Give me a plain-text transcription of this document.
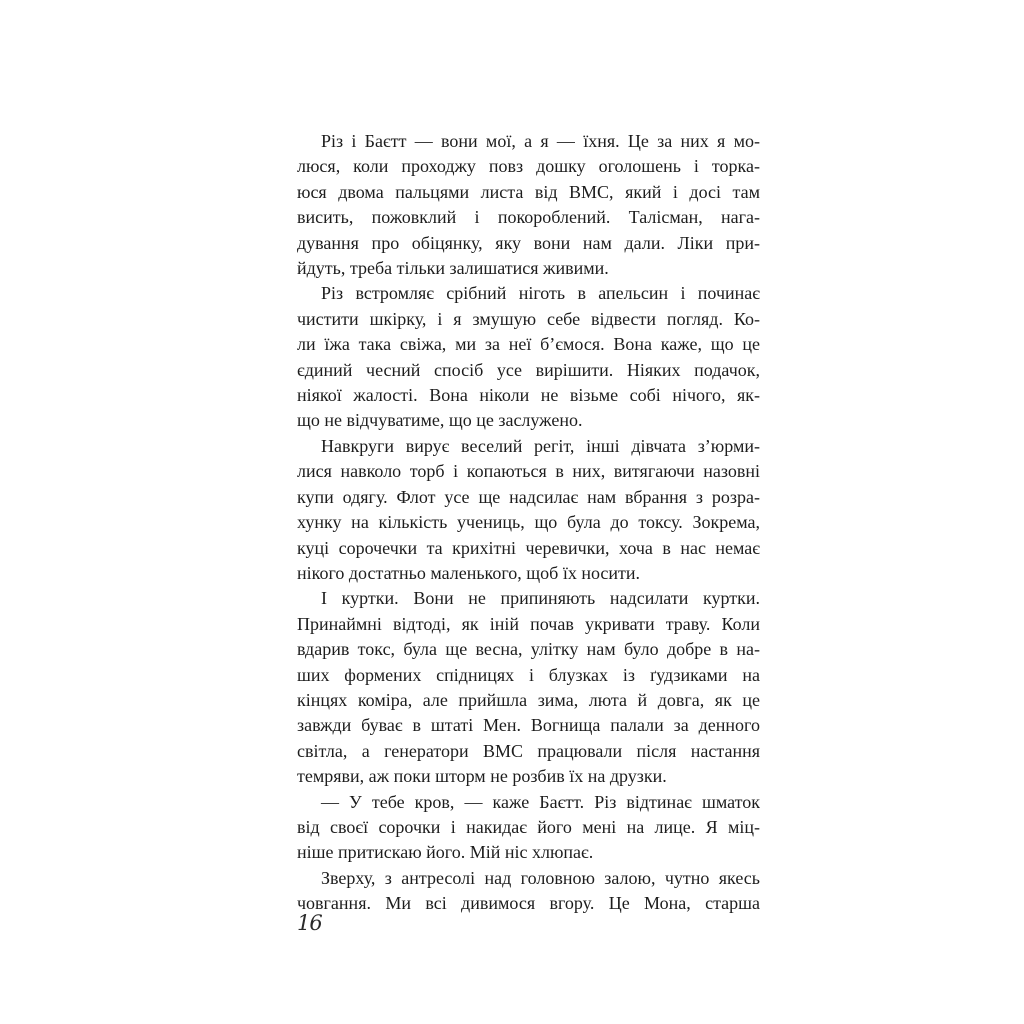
Різ і Баєтт — вони мої, а я — їхня. Це за них я мо-
люся, коли проходжу повз дошку оголошень і торка-
юся двома пальцями листа від ВМС, який і досі там
висить, пожовклий і покороблений. Талісман, нага-
дування про обіцянку, яку вони нам дали. Ліки при-
йдуть, треба тільки залишатися живими.

Різ встромляє срібний ніготь в апельсин і починає
чистити шкірку, і я змушую себе відвести погляд. Ко-
ли їжа така свіжа, ми за неї б’ємося. Вона каже, що це
єдиний чесний спосіб усе вирішити. Ніяких подачок,
ніякої жалості. Вона ніколи не візьме собі нічого, як-
що не відчуватиме, що це заслужено.

Навкруги вирує веселий регіт, інші дівчата з’юрми-
лися навколо торб і копаються в них, витягаючи назовні
купи одягу. Флот усе ще надсилає нам вбрання з розра-
хунку на кількість учениць, що була до токсу. Зокрема,
куці сорочечки та крихітні черевички, хоча в нас немає
нікого достатньо маленького, щоб їх носити.

І куртки. Вони не припиняють надсилати куртки.
Принаймні відтоді, як іній почав укривати траву. Коли
вдарив токс, була ще весна, улітку нам було добре в на-
ших формених спідницях і блузках із ґудзиками на
кінцях коміра, але прийшла зима, люта й довга, як це
завжди буває в штаті Мен. Вогнища палали за денного
світла, а генератори ВМС працювали після настання
темряви, аж поки шторм не розбив їх на друзки.

— У тебе кров, — каже Баєтт. Різ відтинає шматок
від своєї сорочки і накидає його мені на лице. Я міц-
ніше притискаю його. Мій ніс хлюпає.

Зверху, з антресолі над головною залою, чутно якесь
човгання. Ми всі дивимося вгору. Це Мона, старша

16
